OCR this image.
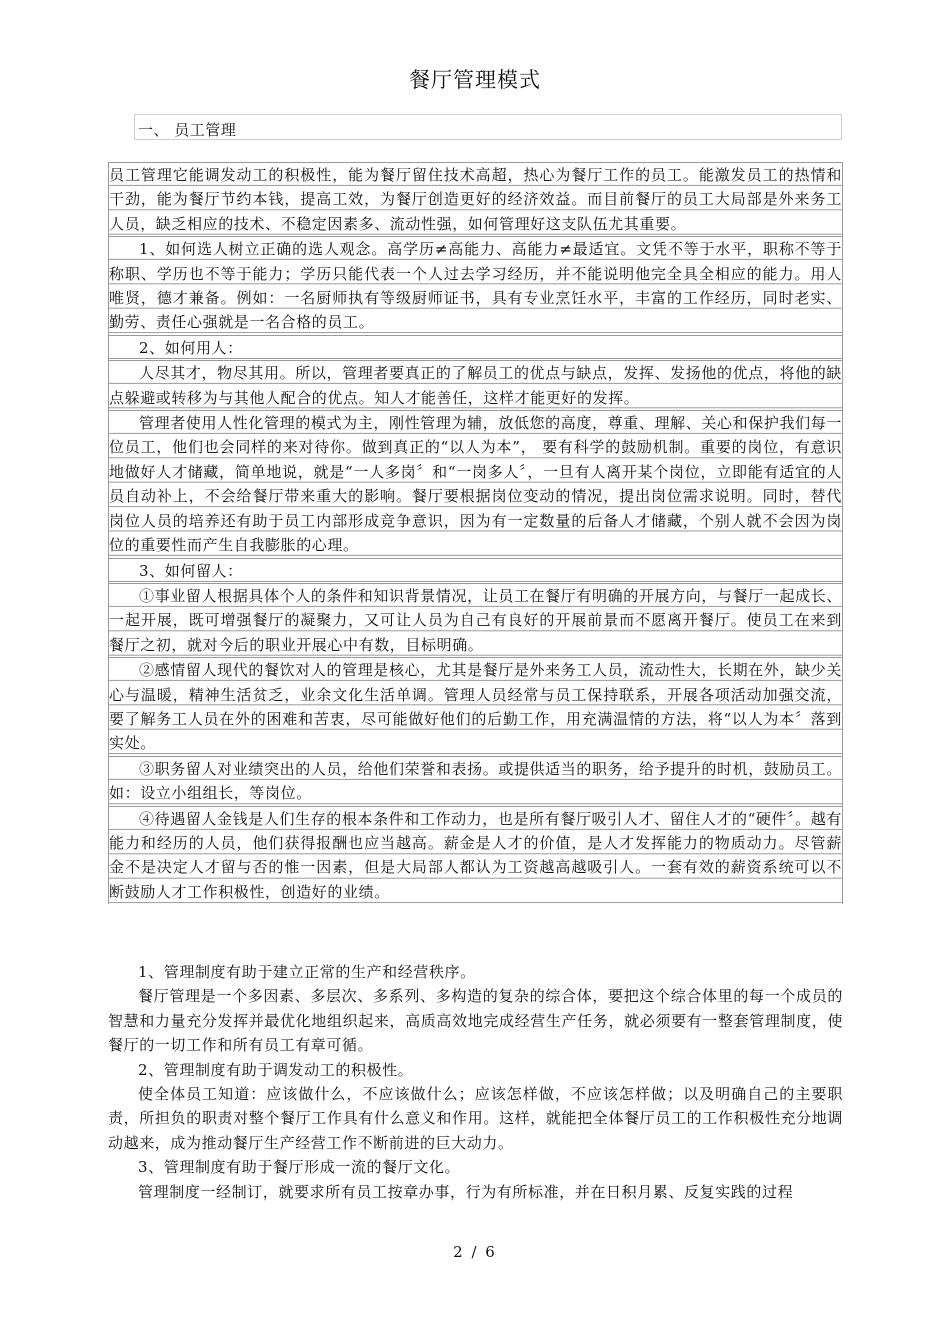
餐厅管理模式
一、 员工管理

员工管理它能调发动工的积极性，能为餐厅留住技术高超，热心为餐厅工作的员工。能激发员工的热情和干劲，能为餐厅节约本钱，提高工效，为餐厅创造更好的经济效益。而目前餐厅的员工大局部是外来务工人员，缺乏相应的技术、不稳定因素多、流动性强，如何管理好这支队伍尤其重要。

1、如何选人树立正确的选人观念。高学历≠高能力、高能力≠最适宜。文凭不等于水平，职称不等于称职、学历也不等于能力；学历只能代表一个人过去学习经历，并不能说明他完全具全相应的能力。用人唯贤，德才兼备。例如：一名厨师执有等级厨师证书，具有专业烹饪水平，丰富的工作经历，同时老实、勤劳、责任心强就是一名合格的员工。

2、如何用人：

人尽其才，物尽其用。所以，管理者要真正的了解员工的优点与缺点，发挥、发扬他的优点，将他的缺点躲避或转移为与其他人配合的优点。知人才能善任，这样才能更好的发挥。

管理者使用人性化管理的模式为主，刚性管理为辅，放低您的高度，尊重、理解、关心和保护我们每一位员工，他们也会同样的来对待你。做到真正的“以人为本”， 要有科学的鼓励机制。重要的岗位，有意识地做好人才储藏，简单地说，就是“一人多岗〞和“一岗多人〞，一旦有人离开某个岗位，立即能有适宜的人员自动补上，不会给餐厅带来重大的影响。餐厅要根据岗位变动的情况，提出岗位需求说明。同时，替代岗位人员的培养还有助于员工内部形成竞争意识，因为有一定数量的后备人才储藏，个别人就不会因为岗位的重要性而产生自我膨胀的心理。

3、如何留人：

①事业留人根据具体个人的条件和知识背景情况，让员工在餐厅有明确的开展方向，与餐厅一起成长、一起开展，既可增强餐厅的凝聚力，又可让人员为自己有良好的开展前景而不愿离开餐厅。使员工在来到餐厅之初，就对今后的职业开展心中有数，目标明确。

②感情留人现代的餐饮对人的管理是核心，尤其是餐厅是外来务工人员，流动性大，长期在外，缺少关心与温暖，精神生活贫乏，业余文化生活单调。管理人员经常与员工保持联系，开展各项活动加强交流，要了解务工人员在外的困难和苦衷，尽可能做好他们的后勤工作，用充满温情的方法，将“以人为本〞落到实处。

③职务留人对业绩突出的人员，给他们荣誉和表扬。或提供适当的职务，给予提升的时机，鼓励员工。如：设立小组组长，等岗位。

④待遇留人金钱是人们生存的根本条件和工作动力，也是所有餐厅吸引人才、留住人才的“硬件〞。越有能力和经历的人员，他们获得报酬也应当越高。薪金是人才的价值，是人才发挥能力的物质动力。尽管薪金不是决定人才留与否的惟一因素，但是大局部人都认为工资越高越吸引人。一套有效的薪资系统可以不断鼓励人才工作积极性，创造好的业绩。

1、管理制度有助于建立正常的生产和经营秩序。

餐厅管理是一个多因素、多层次、多系列、多构造的复杂的综合体，要把这个综合体里的每一个成员的智慧和力量充分发挥并最优化地组织起来，高质高效地完成经营生产任务，就必须要有一整套管理制度，使餐厅的一切工作和所有员工有章可循。

2、管理制度有助于调发动工的积极性。

使全体员工知道：应该做什么，不应该做什么；应该怎样做，不应该怎样做；以及明确自己的主要职责，所担负的职责对整个餐厅工作具有什么意义和作用。这样，就能把全体餐厅员工的工作积极性充分地调动越来，成为推动餐厅生产经营工作不断前进的巨大动力。

3、管理制度有助于餐厅形成一流的餐厅文化。

管理制度一经制订，就要求所有员工按章办事，行为有所标准，并在日积月累、反复实践的过程

2 / 6
